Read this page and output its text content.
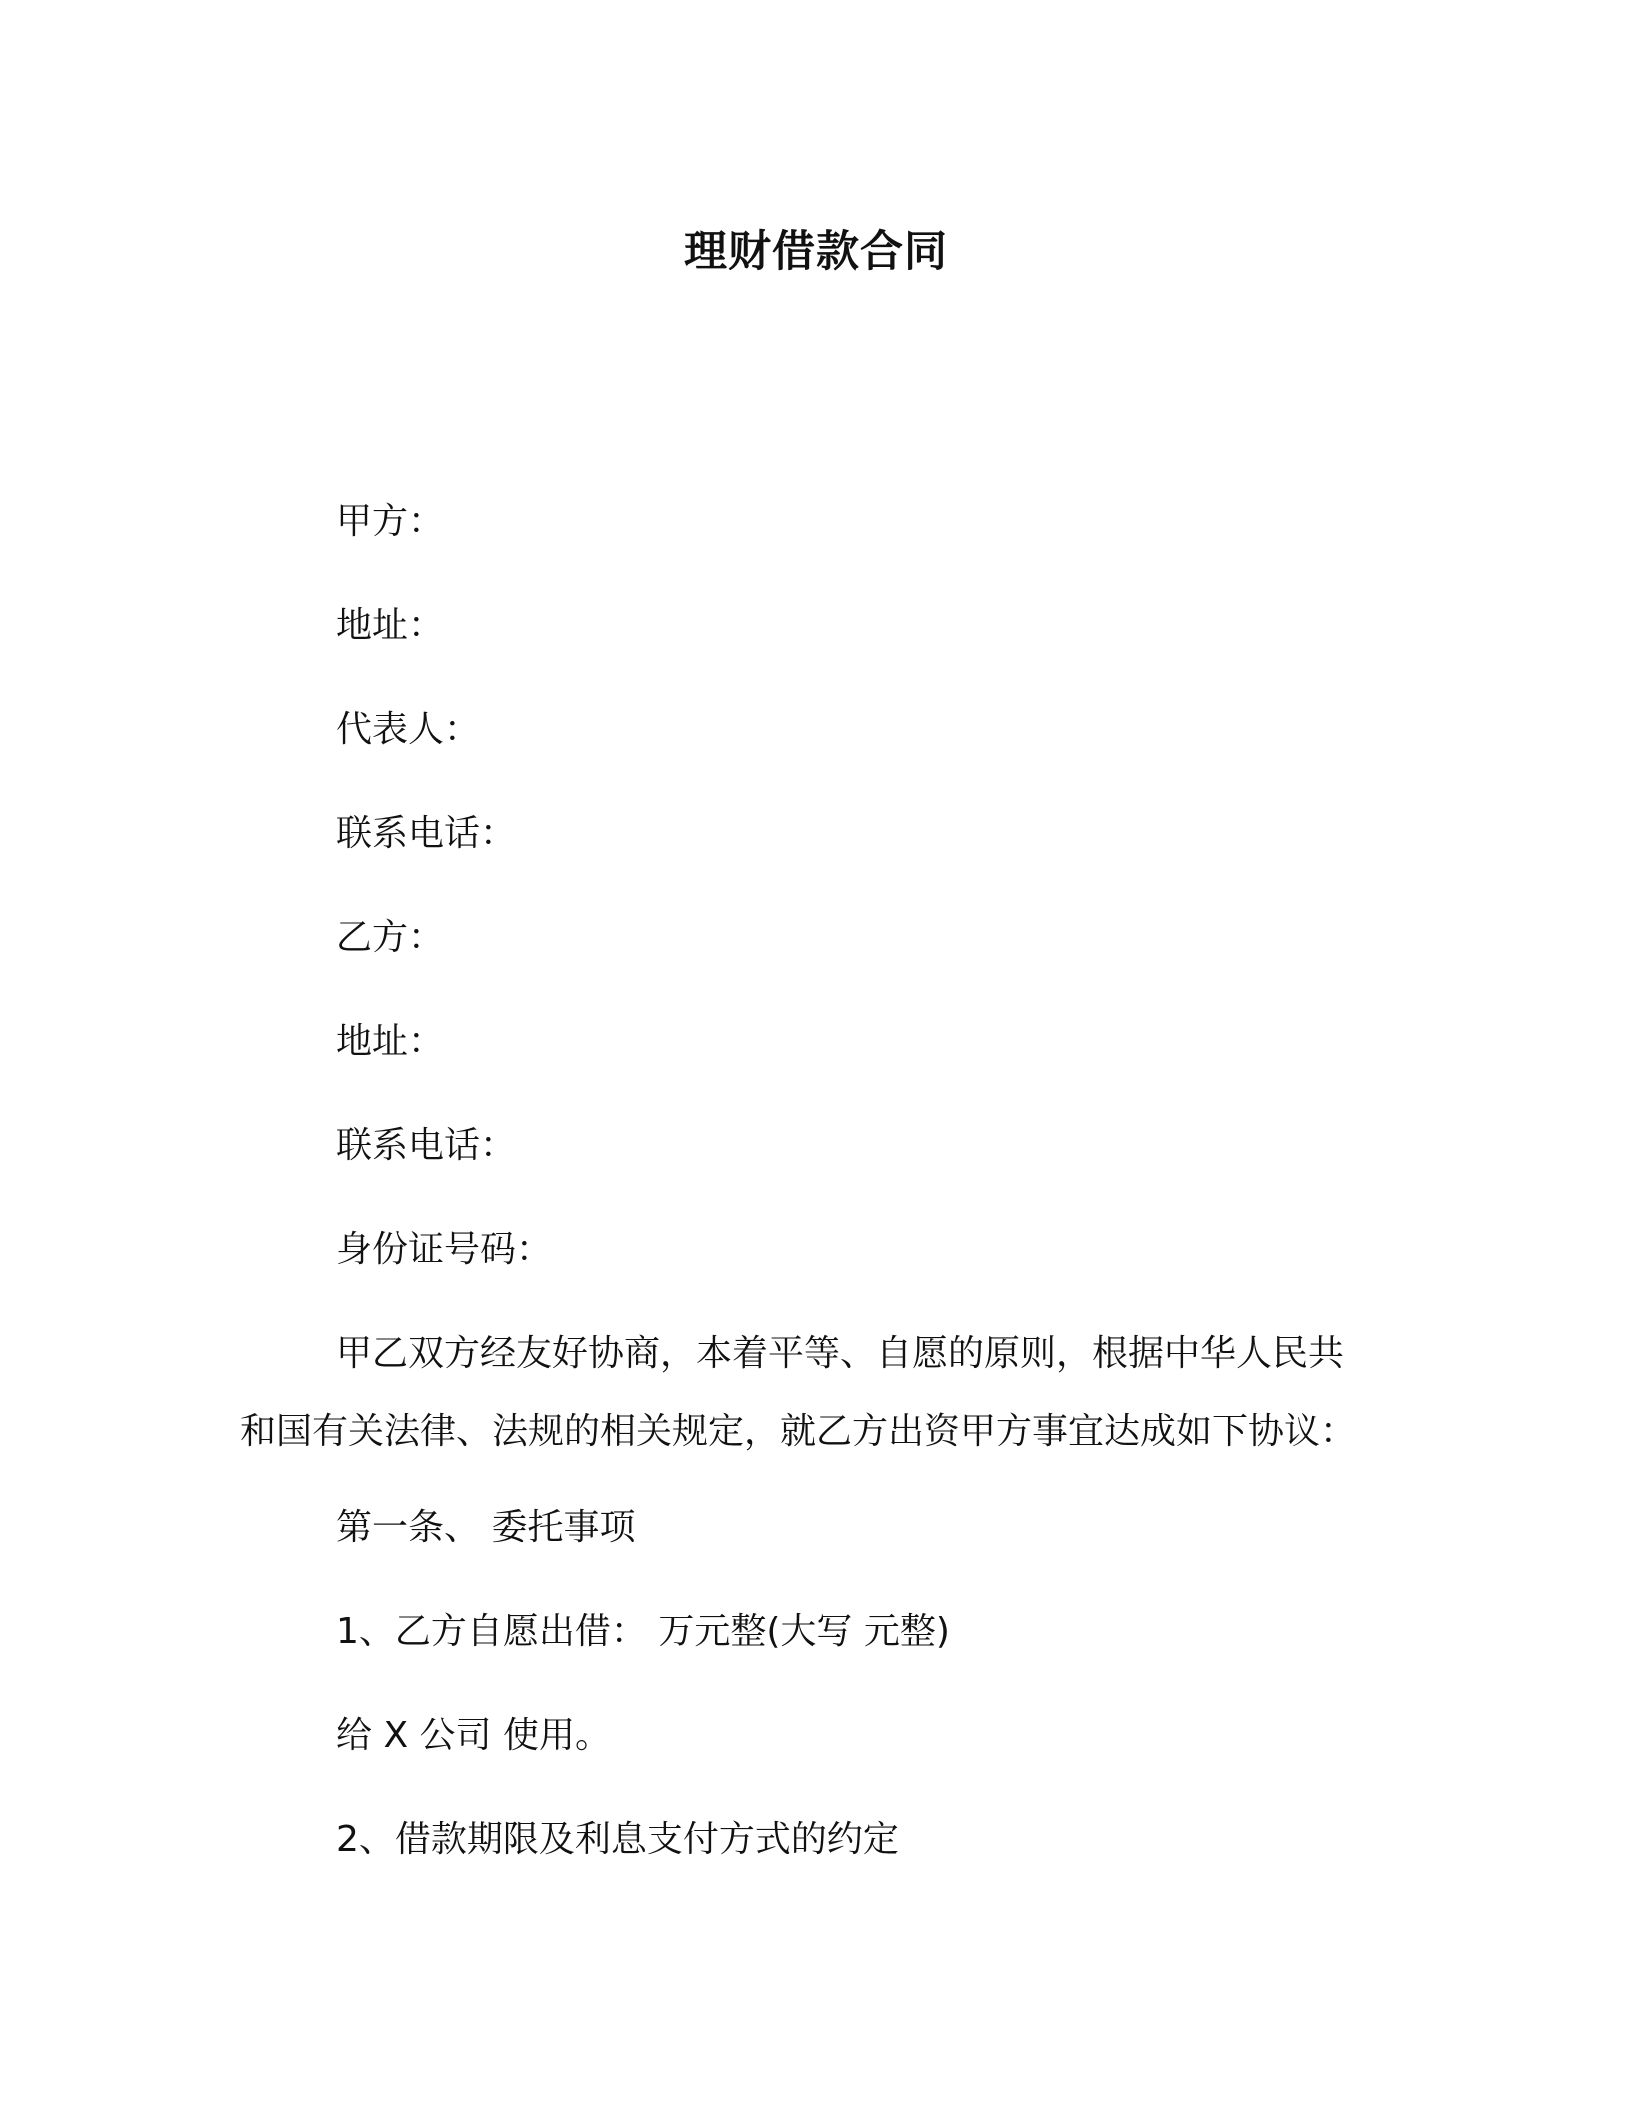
理财借款合同
甲方：
地址：
代表人：
联系电话：
乙方：
地址：
联系电话：
身份证号码：
甲乙双方经友好协商，本着平等、自愿的原则，根据中华人民共
和国有关法律、法规的相关规定，就乙方出资甲方事宜达成如下协议：
第一条、 委托事项
1、乙方自愿出借： 万元整(大写 元整)
给 X 公司 使用。
2、借款期限及利息支付方式的约定
